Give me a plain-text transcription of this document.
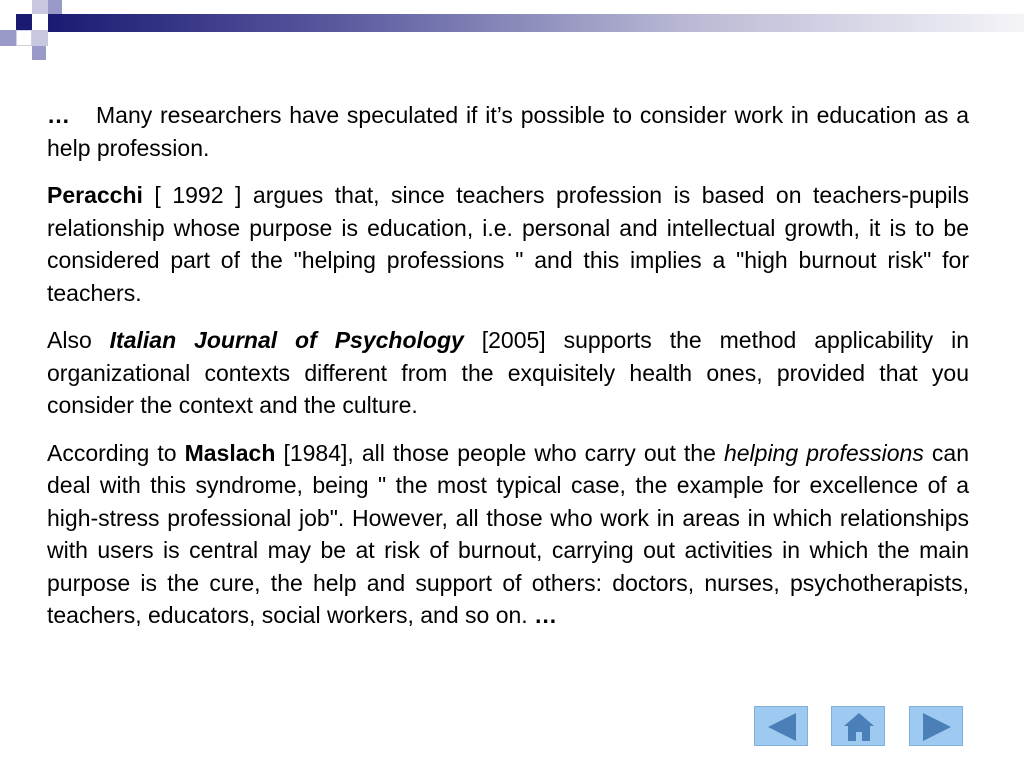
… Many researchers have speculated if it’s possible to consider work in education as a help profession.

Peracchi [ 1992 ] argues that, since teachers profession is based on teachers-pupils relationship whose purpose is education, i.e. personal and intellectual growth, it is to be considered part of the "helping professions " and this implies a "high burnout risk" for teachers.

Also Italian Journal of Psychology [2005] supports the method applicability in organizational contexts different from the exquisitely health ones, provided that you consider the context and the culture.

According to Maslach [1984], all those people who carry out the helping professions can deal with this syndrome, being " the most typical case, the example for excellence of a high-stress professional job". However, all those who work in areas in which relationships with users is central may be at risk of burnout, carrying out activities in which the main purpose is the cure, the help and support of others: doctors, nurses, psychotherapists, teachers, educators, social workers, and so on. …
